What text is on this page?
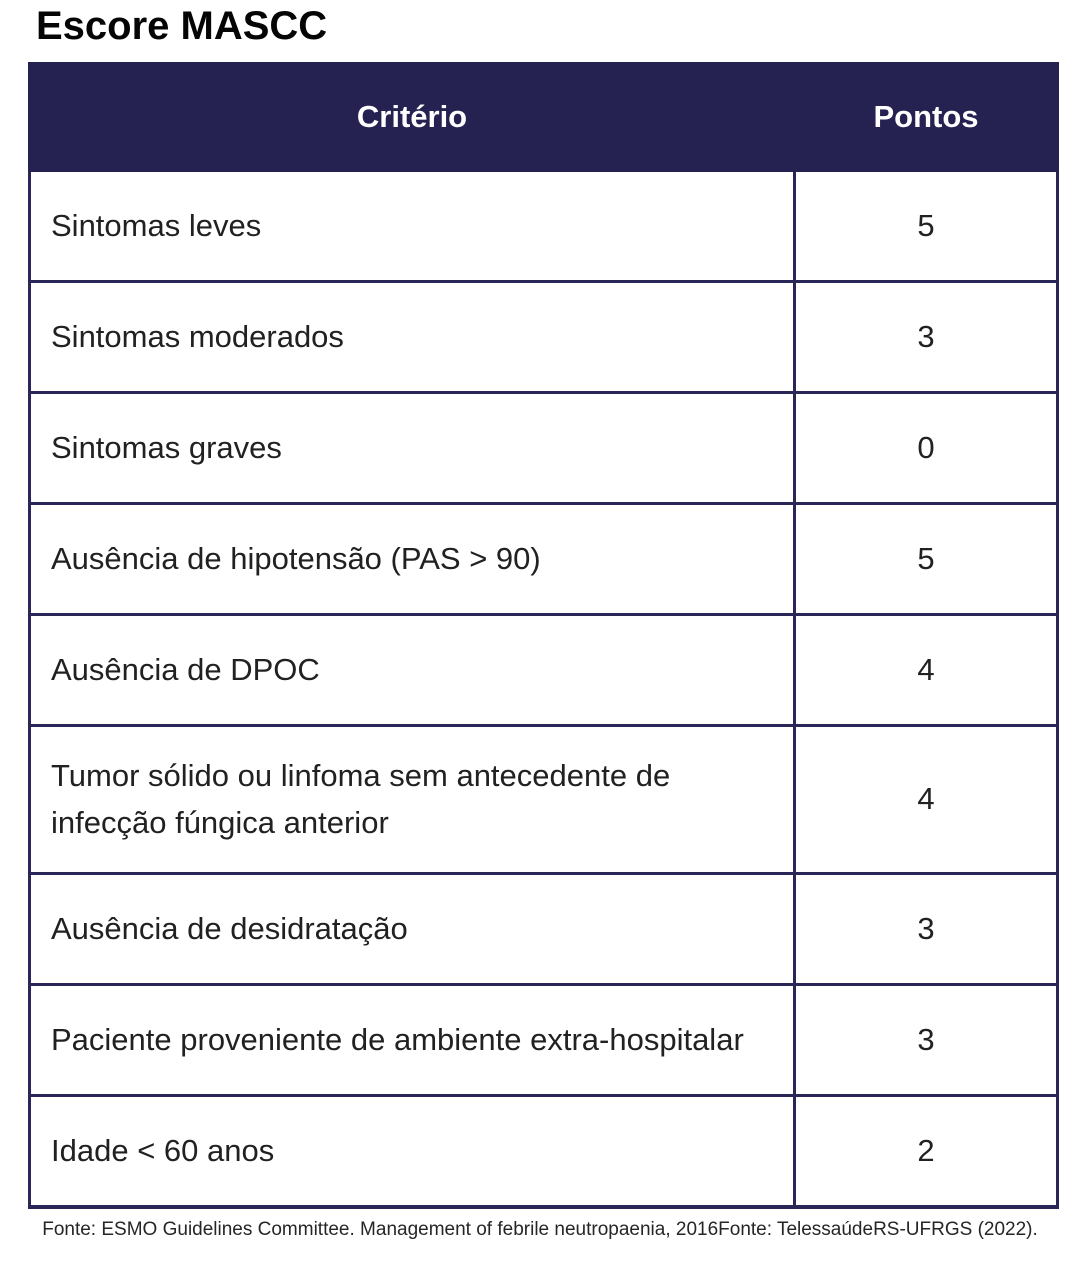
Escore MASCC
Critério	Pontos
Sintomas leves	5
Sintomas moderados	3
Sintomas graves	0
Ausência de hipotensão (PAS > 90)	5
Ausência de DPOC	4
Tumor sólido ou linfoma sem antecedente de infecção fúngica anterior	4
Ausência de desidratação	3
Paciente proveniente de ambiente extra-hospitalar	3
Idade < 60 anos	2
Fonte: ESMO Guidelines Committee. Management of febrile neutropaenia, 2016Fonte: TelessaúdeRS-UFRGS (2022).
